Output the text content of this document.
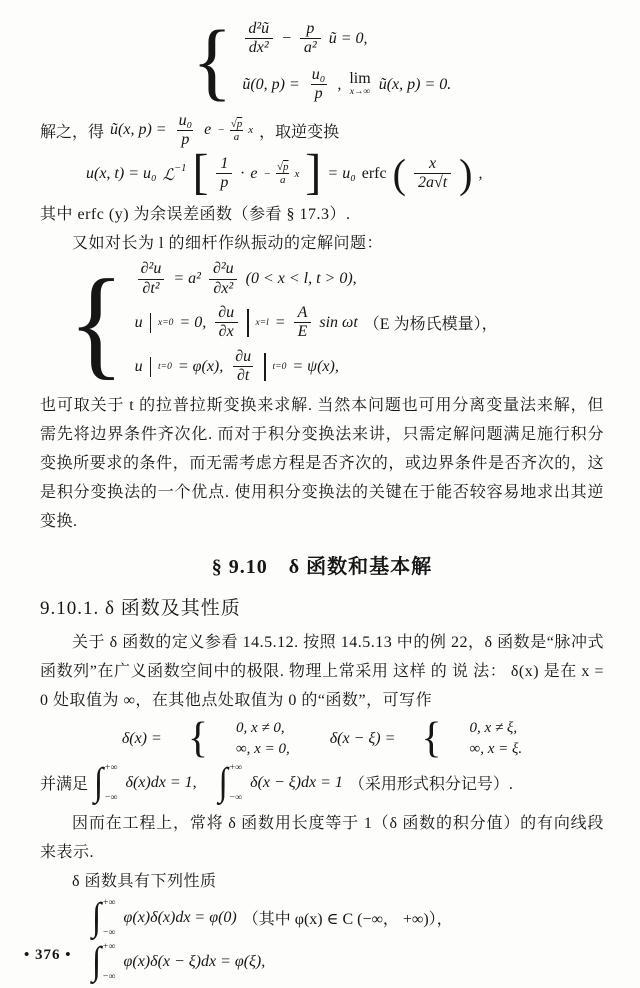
{ $\frac{\text{d²ũ}}{\text{dx²}} - \frac{p}{\text{a²}}$ ũ = 0,
ũ(0, $p) = \frac{\text{u₀}}{p}$ , lim
x→∞ ũ(x, p) = 0.
解之，得 ũ(x, $p) = \frac{\text{u₀}}{p}$ $e - \frac{√p}{a}$ x ，取逆变换
u(x, t) = u₀ ℒ$^{-1}$ [ $\frac{1}{p} \cdot e - \frac{√p}{a}$ x ] = u₀ erfc ( $\frac{x}{2a√t}$ ) ,
其中 erfc (y) 为余误差函数（参看 § 17.3）.
又如对长为 l 的细杆作纵振动的定解问题：
{ $\frac{\text{∂²u}}{\text{∂t²}} = a^2 \frac{\text{∂²u}}{\text{∂x²}} (0 < x < l$, t > 0),
u x=0 = 0, $\frac{\partial u}{\partial x} x=l = \frac{A}{E}$ sin ωt （E 为杨氏模量），
u t=0 = φ(x), $\frac{\partial u}{\partial t} t=0 = \psi(x)$,
也可取关于 t 的拉普拉斯变换来求解. 当然本问题也可用分离变量法来解，但需先将边界条件齐次化. 而对于积分变换法来讲，只需定解问题满足施行积分变换所要求的条件，而无需考虑方程是否齐次的，或边界条件是否齐次的，这是积分变换法的一个优点. 使用积分变换法的关键在于能否较容易地求出其逆变换.
§ 9.10　δ 函数和基本解
9.10.1. δ 函数及其性质
关于 δ 函数的定义参看 14.5.12. 按照 14.5.13 中的例 22，δ 函数是“脉冲式函数列”在广义函数空间中的极限. 物理上常采用 这样 的 说 法： δ(x) 是在 x = 0 处取值为 ∞，在其他点处取值为 0 的“函数”，可写作
δ(x) = { 0, x ≠ 0,
∞, x = 0,
δ(x − ξ) = { 0, x ≠ ξ,
∞, x = ξ.
并满足 ∫ +∞
−∞
δ(x)dx = 1, ∫ +∞
−∞
δ(x − ξ)dx = 1 （采用形式积分记号）.
因而在工程上，常将 δ 函数用长度等于 1（δ 函数的积分值）的有向线段来表示.
δ 函数具有下列性质
∫ +∞
−∞
φ(x)δ(x)dx = φ(0) （其中 φ(x) ∈ C (−∞， +∞)），
∫ +∞
−∞
φ(x)δ(x − ξ)dx = φ(ξ),
• 376 •
